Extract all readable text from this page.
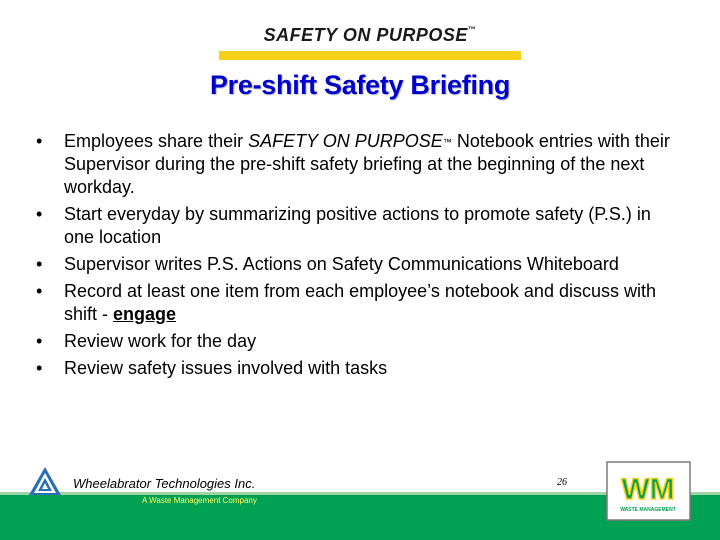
SAFETY ON PURPOSE™
Pre-shift Safety Briefing
• Employees share their SAFETY ON PURPOSE™ Notebook entries with their Supervisor during the pre-shift safety briefing at the beginning of the next workday.
• Start everyday by summarizing positive actions to promote safety (P.S.) in one location
• Supervisor writes P.S. Actions on Safety Communications Whiteboard
• Record at least one item from each employee’s notebook and discuss with shift - engage
• Review work for the day
• Review safety issues involved with tasks
Wheelabrator Technologies Inc.
A Waste Management Company
26 WM
WASTE MANAGEMENT
